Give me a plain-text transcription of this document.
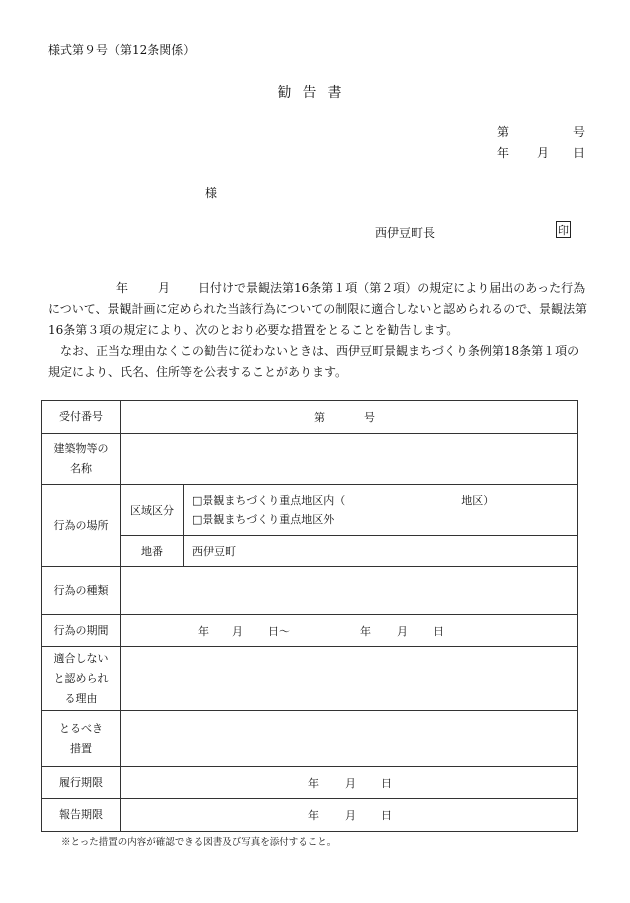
様式第９号（第12条関係）
勧告書
第	号
年 月 日
様
西伊豆町長	印
年	月 日付けで景観法第16条第１項（第２項）の規定により届出のあった行為について、景観計画に定められた当該行為についての制限に適合しないと認められるので、景観法第16条第３項の規定により、次のとおり必要な措置をとることを勧告します。
なお、正当な理由なくこの勧告に従わないときは、西伊豆町景観まちづくり条例第18条第１項の規定により、氏名、住所等を公表することがあります。
受付番号	第 号	

建築物等の
名称		

行為の場所	区域区分	□景観まちづくり重点地区内（ 地区）
□景観まちづくり重点地区外

	地番	西伊豆町
行為の種類		
行為の期間	年 月 日〜 年 月 日	

適合しない
と認められ
る理由		

とるべき
措置		

履行期限	年 月 日	
報告期限	年 月 日	
※とった措置の内容が確認できる図書及び写真を添付すること。
